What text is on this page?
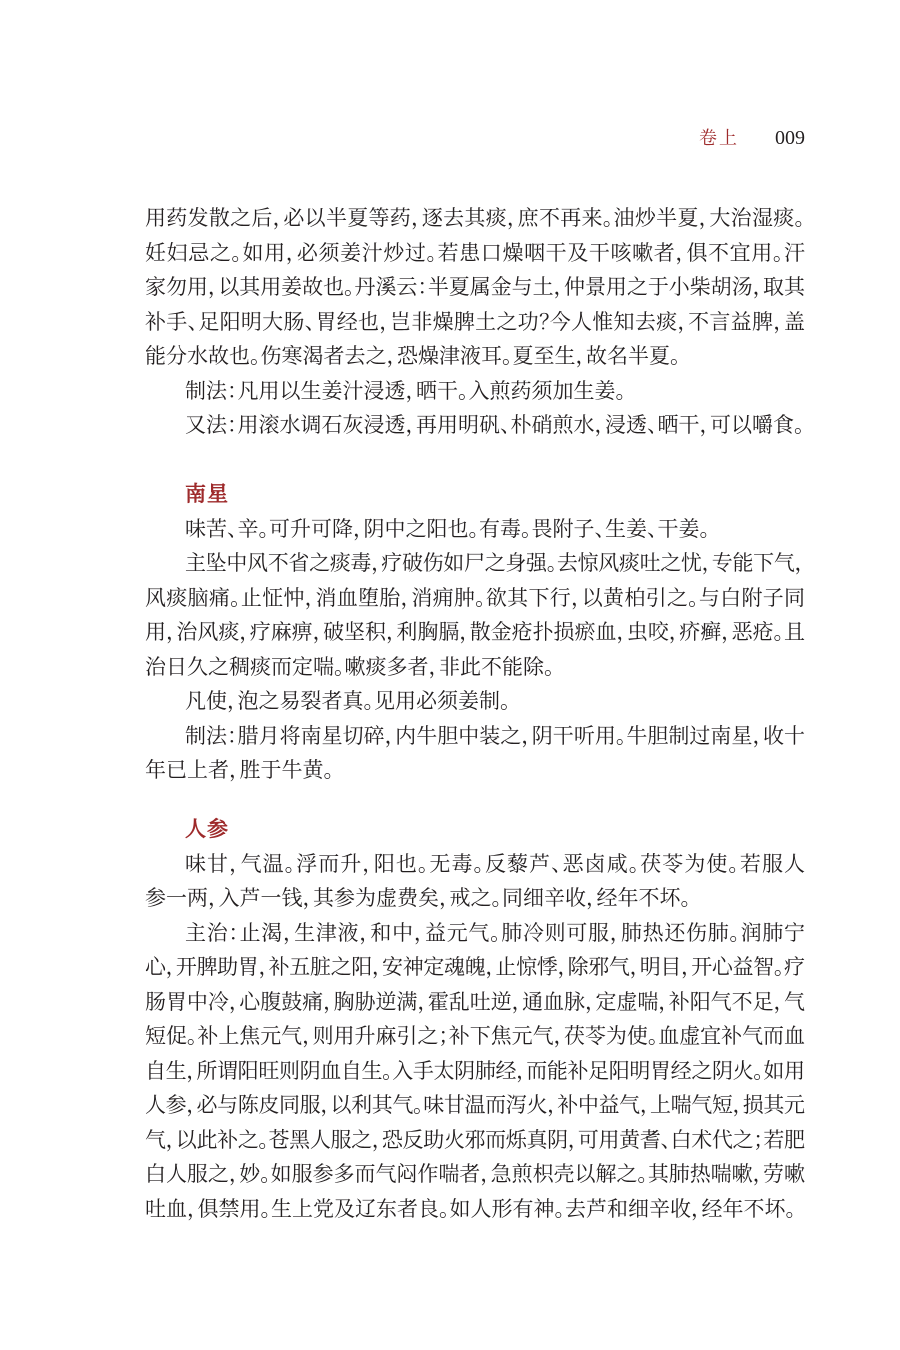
卷上 009
用药发散之后，必以半夏等药，逐去其痰，庶不再来。油炒半夏，大治湿痰。
妊妇忌之。如用，必须姜汁炒过。若患口燥咽干及干咳嗽者，俱不宜用。汗
家勿用，以其用姜故也。丹溪云：半夏属金与土，仲景用之于小柴胡汤，取其
补手、足阳明大肠、胃经也，岂非燥脾土之功？今人惟知去痰，不言益脾，盖
能分水故也。伤寒渴者去之，恐燥津液耳。夏至生，故名半夏。
制法：凡用以生姜汁浸透，晒干。入煎药须加生姜。
又法：用滚水调石灰浸透，再用明矾、朴硝煎水，浸透、晒干，可以嚼食。
南星
味苦、辛。可升可降，阴中之阳也。有毒。畏附子、生姜、干姜。
主坠中风不省之痰毒，疗破伤如尸之身强。去惊风痰吐之忧，专能下气，
风痰脑痛。止怔忡，消血堕胎，消痈肿。欲其下行，以黄柏引之。与白附子同
用，治风痰，疗麻痹，破坚积，利胸膈，散金疮扑损瘀血，虫咬，疥癣，恶疮。且
治日久之稠痰而定喘。嗽痰多者，非此不能除。
凡使，泡之易裂者真。见用必须姜制。
制法：腊月将南星切碎，内牛胆中装之，阴干听用。牛胆制过南星，收十
年已上者，胜于牛黄。
人参
味甘，气温。浮而升，阳也。无毒。反藜芦、恶卤咸。茯苓为使。若服人
参一两，入芦一钱，其参为虚费矣，戒之。同细辛收，经年不坏。
主治：止渴，生津液，和中，益元气。肺冷则可服，肺热还伤肺。润肺宁
心，开脾助胃，补五脏之阳，安神定魂魄，止惊悸，除邪气，明目，开心益智。疗
肠胃中冷，心腹鼓痛，胸胁逆满，霍乱吐逆，通血脉，定虚喘，补阳气不足，气
短促。补上焦元气，则用升麻引之；补下焦元气，茯苓为使。血虚宜补气而血
自生，所谓阳旺则阴血自生。入手太阴肺经，而能补足阳明胃经之阴火。如用
人参，必与陈皮同服，以利其气。味甘温而泻火，补中益气，上喘气短，损其元
气，以此补之。苍黑人服之，恐反助火邪而烁真阴，可用黄耆、白术代之；若肥
白人服之，妙。如服参多而气闷作喘者，急煎枳壳以解之。其肺热喘嗽，劳嗽
吐血，俱禁用。生上党及辽东者良。如人形有神。去芦和细辛收，经年不坏。
